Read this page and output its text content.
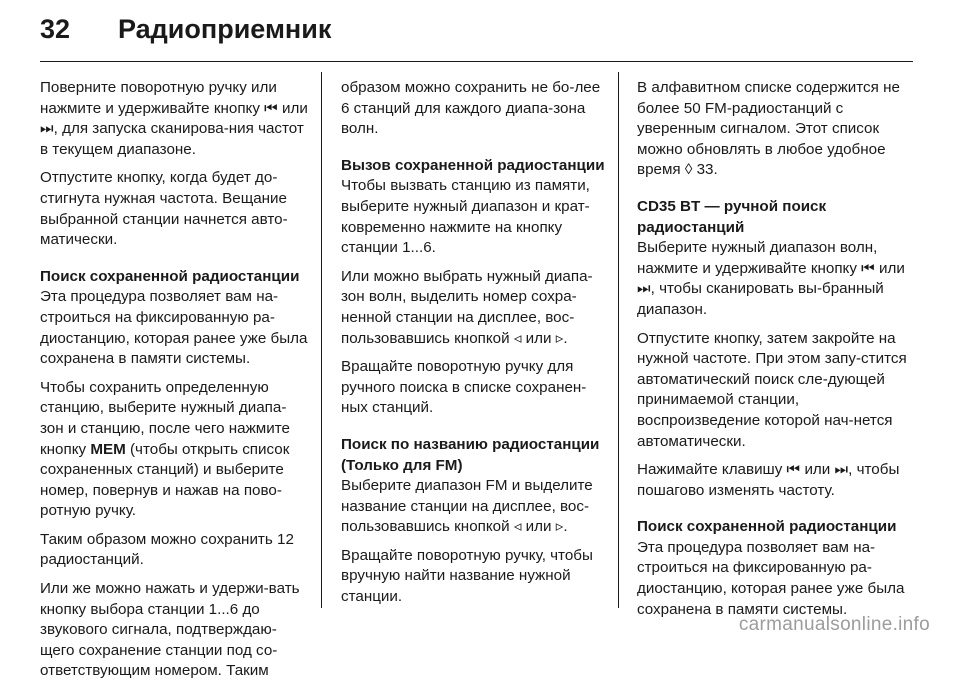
32 Радиоприемник

Поверните поворотную ручку или нажмите и удерживайте кнопку ⏮ или ⏭, для запуска сканирова-ния частот в текущем диапазоне.

Отпустите кнопку, когда будет до-стигнута нужная частота. Вещание выбранной станции начнется авто-матически.

Поиск сохраненной радиостанции

Эта процедура позволяет вам на-строиться на фиксированную ра-диостанцию, которая ранее уже была сохранена в памяти системы.

Чтобы сохранить определенную станцию, выберите нужный диапа-зон и станцию, после чего нажмите кнопку MEM (чтобы открыть список сохраненных станций) и выберите номер, повернув и нажав на пово-ротную ручку.

Таким образом можно сохранить 12 радиостанций.

Или же можно нажать и удержи-вать кнопку выбора станции 1...6 до звукового сигнала, подтверждаю-щего сохранение станции под со-ответствующим номером. Таким

образом можно сохранить не бо-лее 6 станций для каждого диапа-зона волн.

Вызов сохраненной радиостанции

Чтобы вызвать станцию из памяти, выберите нужный диапазон и крат-ковременно нажмите на кнопку станции 1...6.

Или можно выбрать нужный диапа-зон волн, выделить номер сохра-ненной станции на дисплее, вос-пользовавшись кнопкой ◃ или ▹.

Вращайте поворотную ручку для ручного поиска в списке сохранен-ных станций.

Поиск по названию радиостанции (Только для FM)

Выберите диапазон FM и выделите название станции на дисплее, вос-пользовавшись кнопкой ◃ или ▹.

Вращайте поворотную ручку, чтобы вручную найти название нужной станции.

В алфавитном списке содержится не более 50 FM-радиостанций с уверенным сигналом. Этот список можно обновлять в любое удобное время ◊ 33.

CD35 BT — ручной поиск радиостанций

Выберите нужный диапазон волн, нажмите и удерживайте кнопку ⏮ или ⏭, чтобы сканировать вы-бранный диапазон.

Отпустите кнопку, затем закройте на нужной частоте. При этом запу-стится автоматический поиск сле-дующей принимаемой станции, воспроизведение которой нач-нется автоматически.

Нажимайте клавишу ⏮ или ⏭, чтобы пошагово изменять частоту.

Поиск сохраненной радиостанции

Эта процедура позволяет вам на-строиться на фиксированную ра-диостанцию, которая ранее уже была сохранена в памяти системы.

carmanualsonline.info
